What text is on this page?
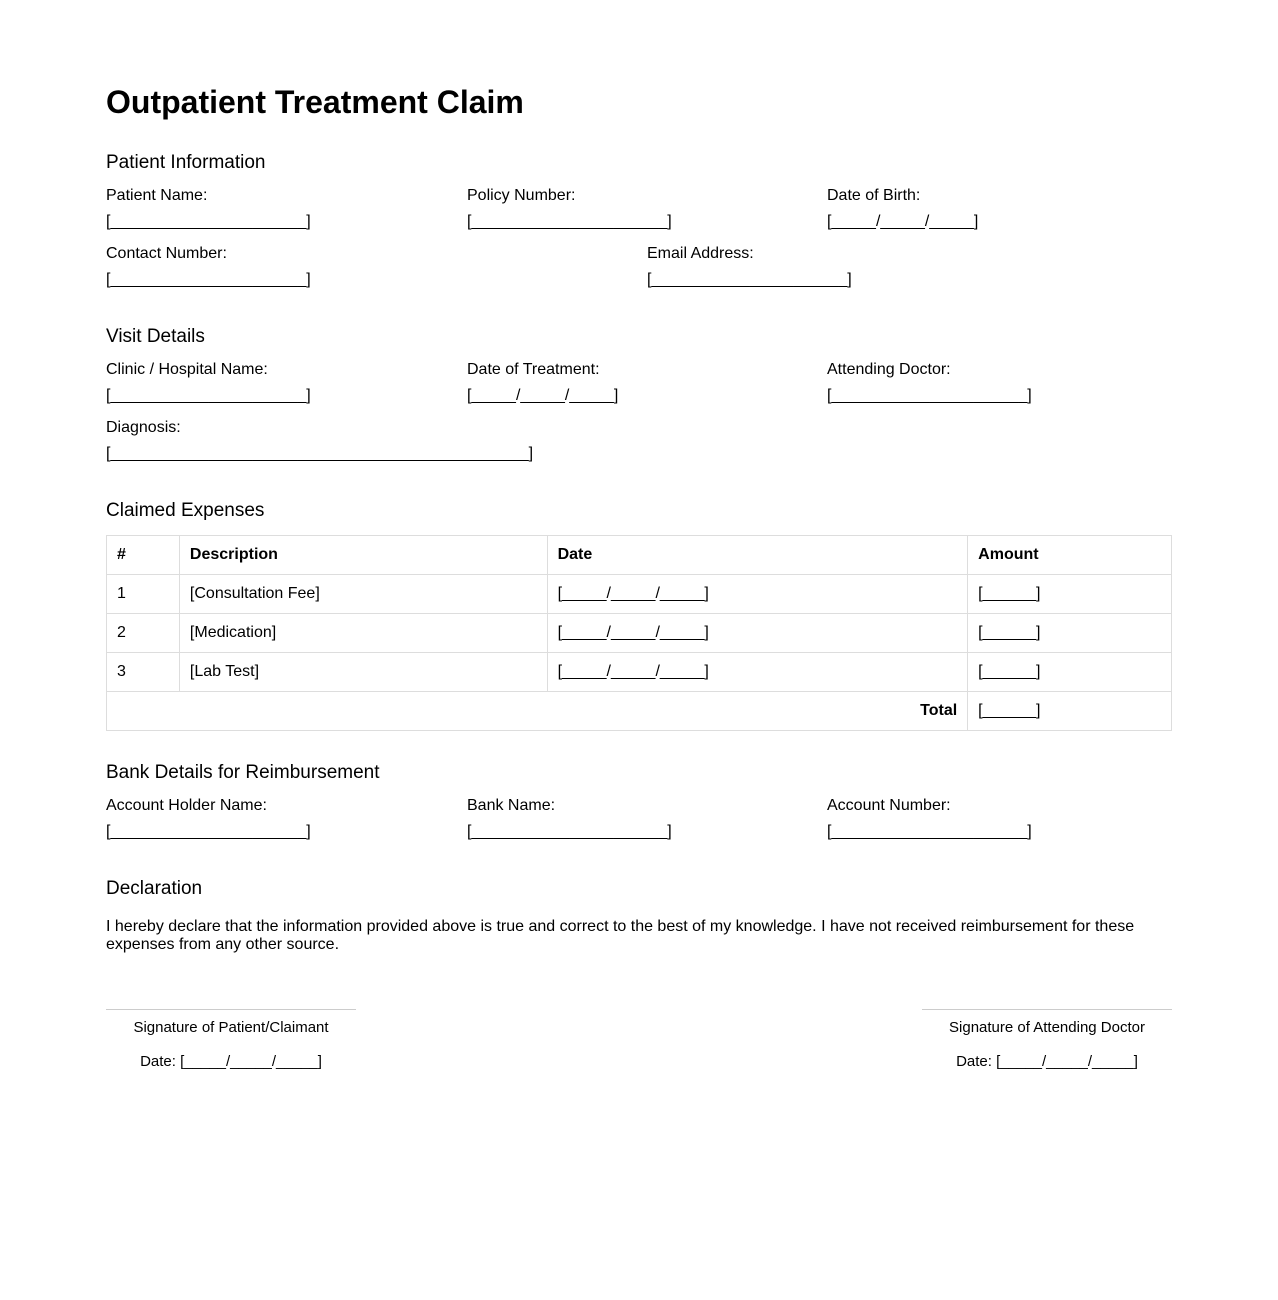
Outpatient Treatment Claim
Patient Information
Patient Name:
[______________________]
Policy Number:
[______________________]
Date of Birth:
[_____/_____/_____]
Contact Number:
[______________________]
Email Address:
[______________________]
Visit Details
Clinic / Hospital Name:
[______________________]
Date of Treatment:
[_____/_____/_____]
Attending Doctor:
[______________________]
Diagnosis:
[_______________________________________________]
Claimed Expenses
#	Description	Date	Amount
1	[Consultation Fee]	[_____/_____/_____]	[______]
2	[Medication]	[_____/_____/_____]	[______]
3	[Lab Test]	[_____/_____/_____]	[______]
Total			[______]
Bank Details for Reimbursement
Account Holder Name:
[______________________]
Bank Name:
[______________________]
Account Number:
[______________________]
Declaration

I hereby declare that the information provided above is true and correct to the best of my knowledge. I have not received reimbursement for these expenses from any other source.

Signature of Patient/Claimant
Date: [_____/_____/_____]
Signature of Attending Doctor
Date: [_____/_____/_____]
